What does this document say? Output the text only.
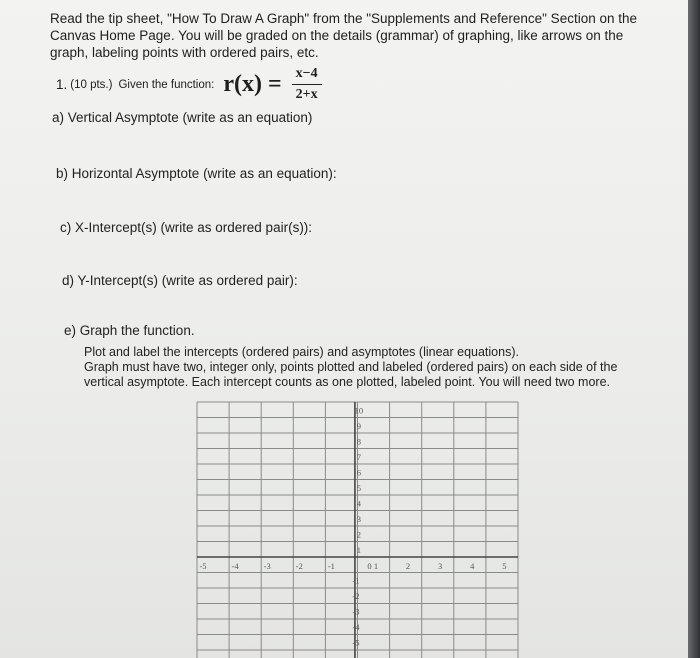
Read the tip sheet, "How To Draw A Graph" from the "Supplements and Reference" Section on the Canvas Home Page. You will be graded on the details (grammar) of graphing, like arrows on the graph, labeling points with ordered pairs, etc.
1. (10 pts.) Given the function: $r(x) = \frac{x-4}{2+x}$
a) Vertical Asymptote (write as an equation)
b) Horizontal Asymptote (write as an equation):
c) X-Intercept(s) (write as ordered pair(s)):
d) Y-Intercept(s) (write as ordered pair):
e) Graph the function.
Plot and label the intercepts (ordered pairs) and asymptotes (linear equations).
Graph must have two, integer only, points plotted and labeled (ordered pairs) on each side of the
vertical asymptote. Each intercept counts as one plotted, labeled point. You will need two more.
-5	-4	-3	-2	-1	0 1	2	3	4	5
10
9
8
7
6
5
4
3
2
1
-1
-2
-3
-4
-5
